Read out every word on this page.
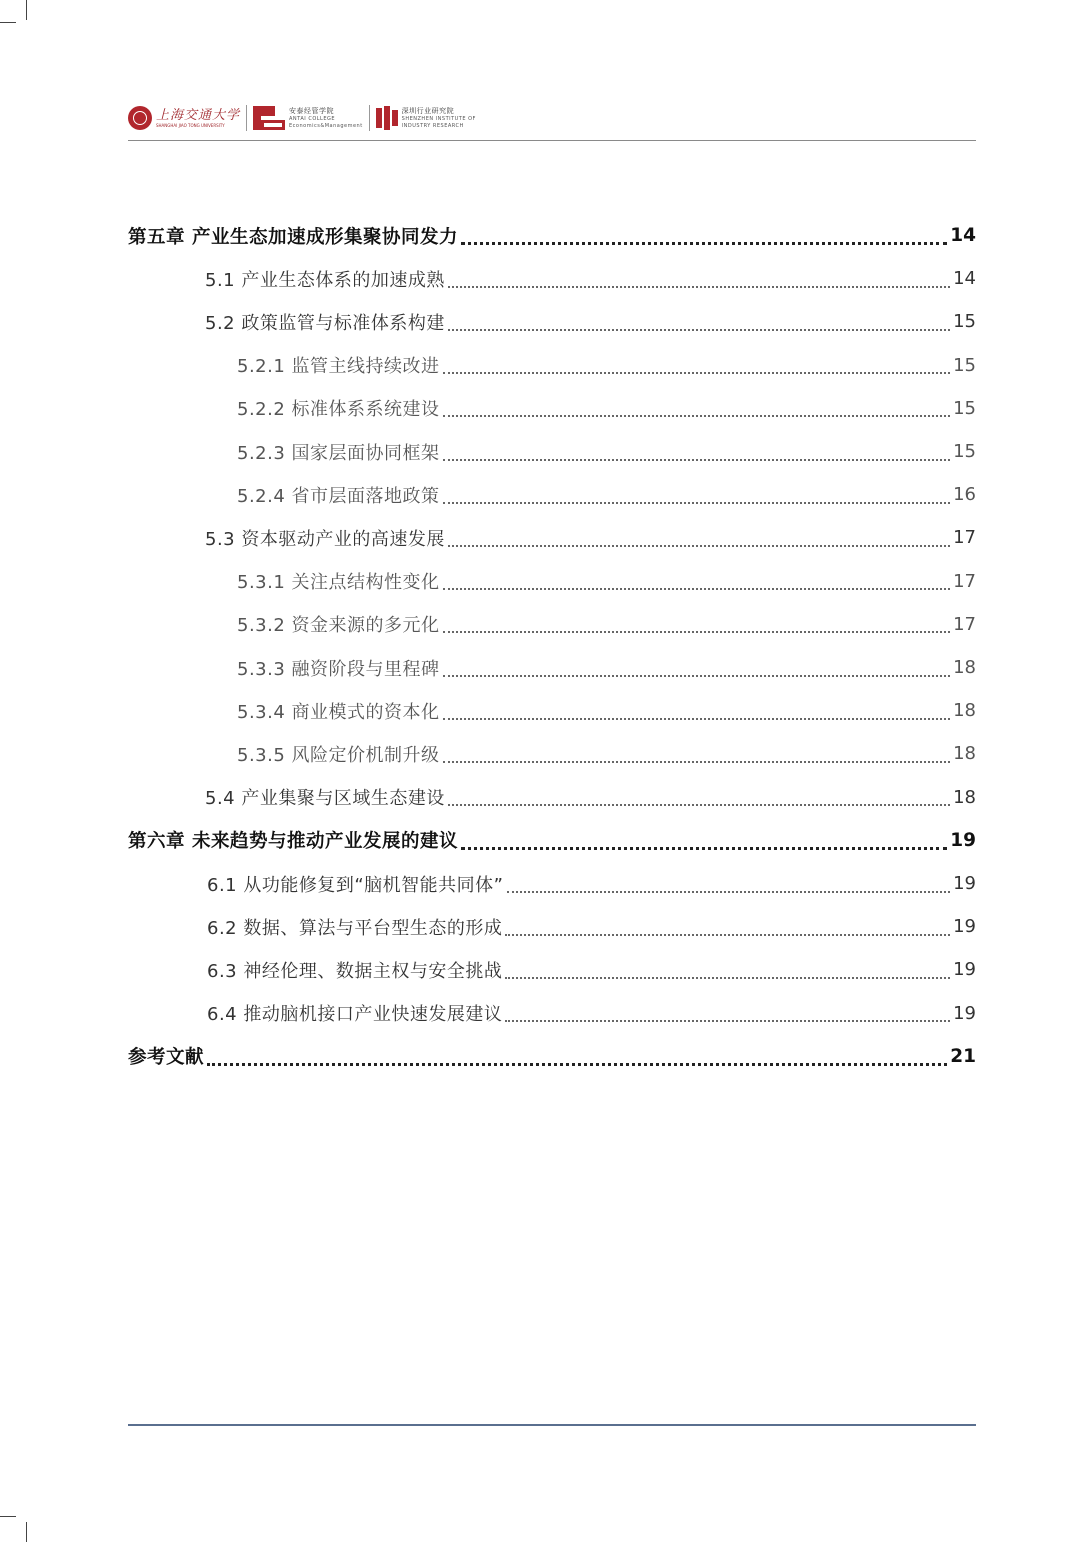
上海交通大学
SHANGHAI JIAO TONG UNIVERSITY
安泰经管学院
ANTAI COLLEGE
Economics&Management
深圳行业研究院
SHENZHEN INSTITUTE OF
INDUSTRY RESEARCH
第五章 产业生态加速成形集聚协同发力	14
5.1 产业生态体系的加速成熟	14
5.2 政策监管与标准体系构建	15
5.2.1 监管主线持续改进	15
5.2.2 标准体系系统建设	15
5.2.3 国家层面协同框架	15
5.2.4 省市层面落地政策	16
5.3 资本驱动产业的高速发展	17
5.3.1 关注点结构性变化	17
5.3.2 资金来源的多元化	17
5.3.3 融资阶段与里程碑	18
5.3.4 商业模式的资本化	18
5.3.5 风险定价机制升级	18
5.4 产业集聚与区域生态建设	18
第六章 未来趋势与推动产业发展的建议	19
6.1 从功能修复到“脑机智能共同体”	19
6.2 数据、算法与平台型生态的形成	19
6.3 神经伦理、数据主权与安全挑战	19
6.4 推动脑机接口产业快速发展建议	19
参考文献	21
